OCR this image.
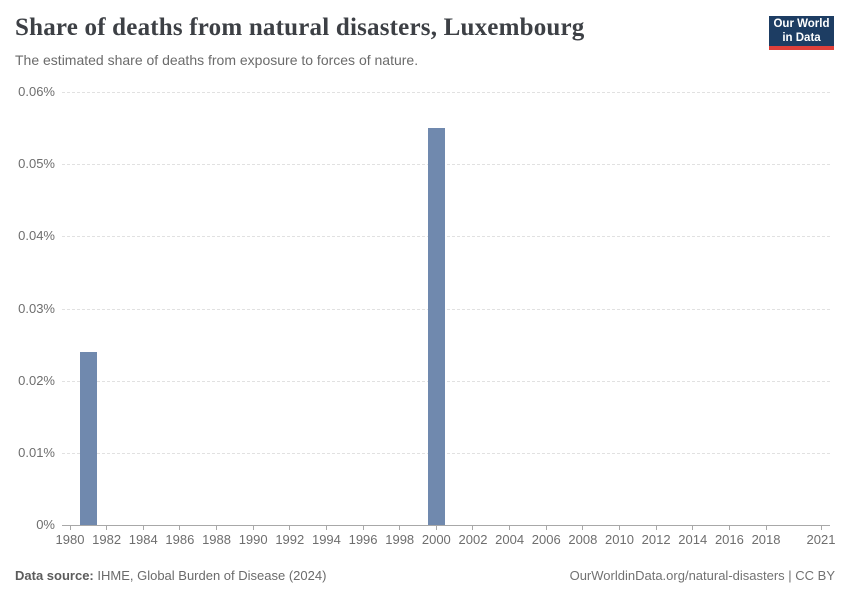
Share of deaths from natural disasters, Luxembourg

The estimated share of deaths from exposure to forces of nature.

Our World
in Data
0%
0.01%
0.02%
0.03%
0.04%
0.05%
0.06%
1980 1982 1984 1986 1988 1990 1992 1994 1996 1998 2000 2002 2004 2006 2008 2010 2012 2014 2016 2018	2021
Data source: IHME, Global Burden of Disease (2024)	OurWorldinData.org/natural-disasters | CC BY
